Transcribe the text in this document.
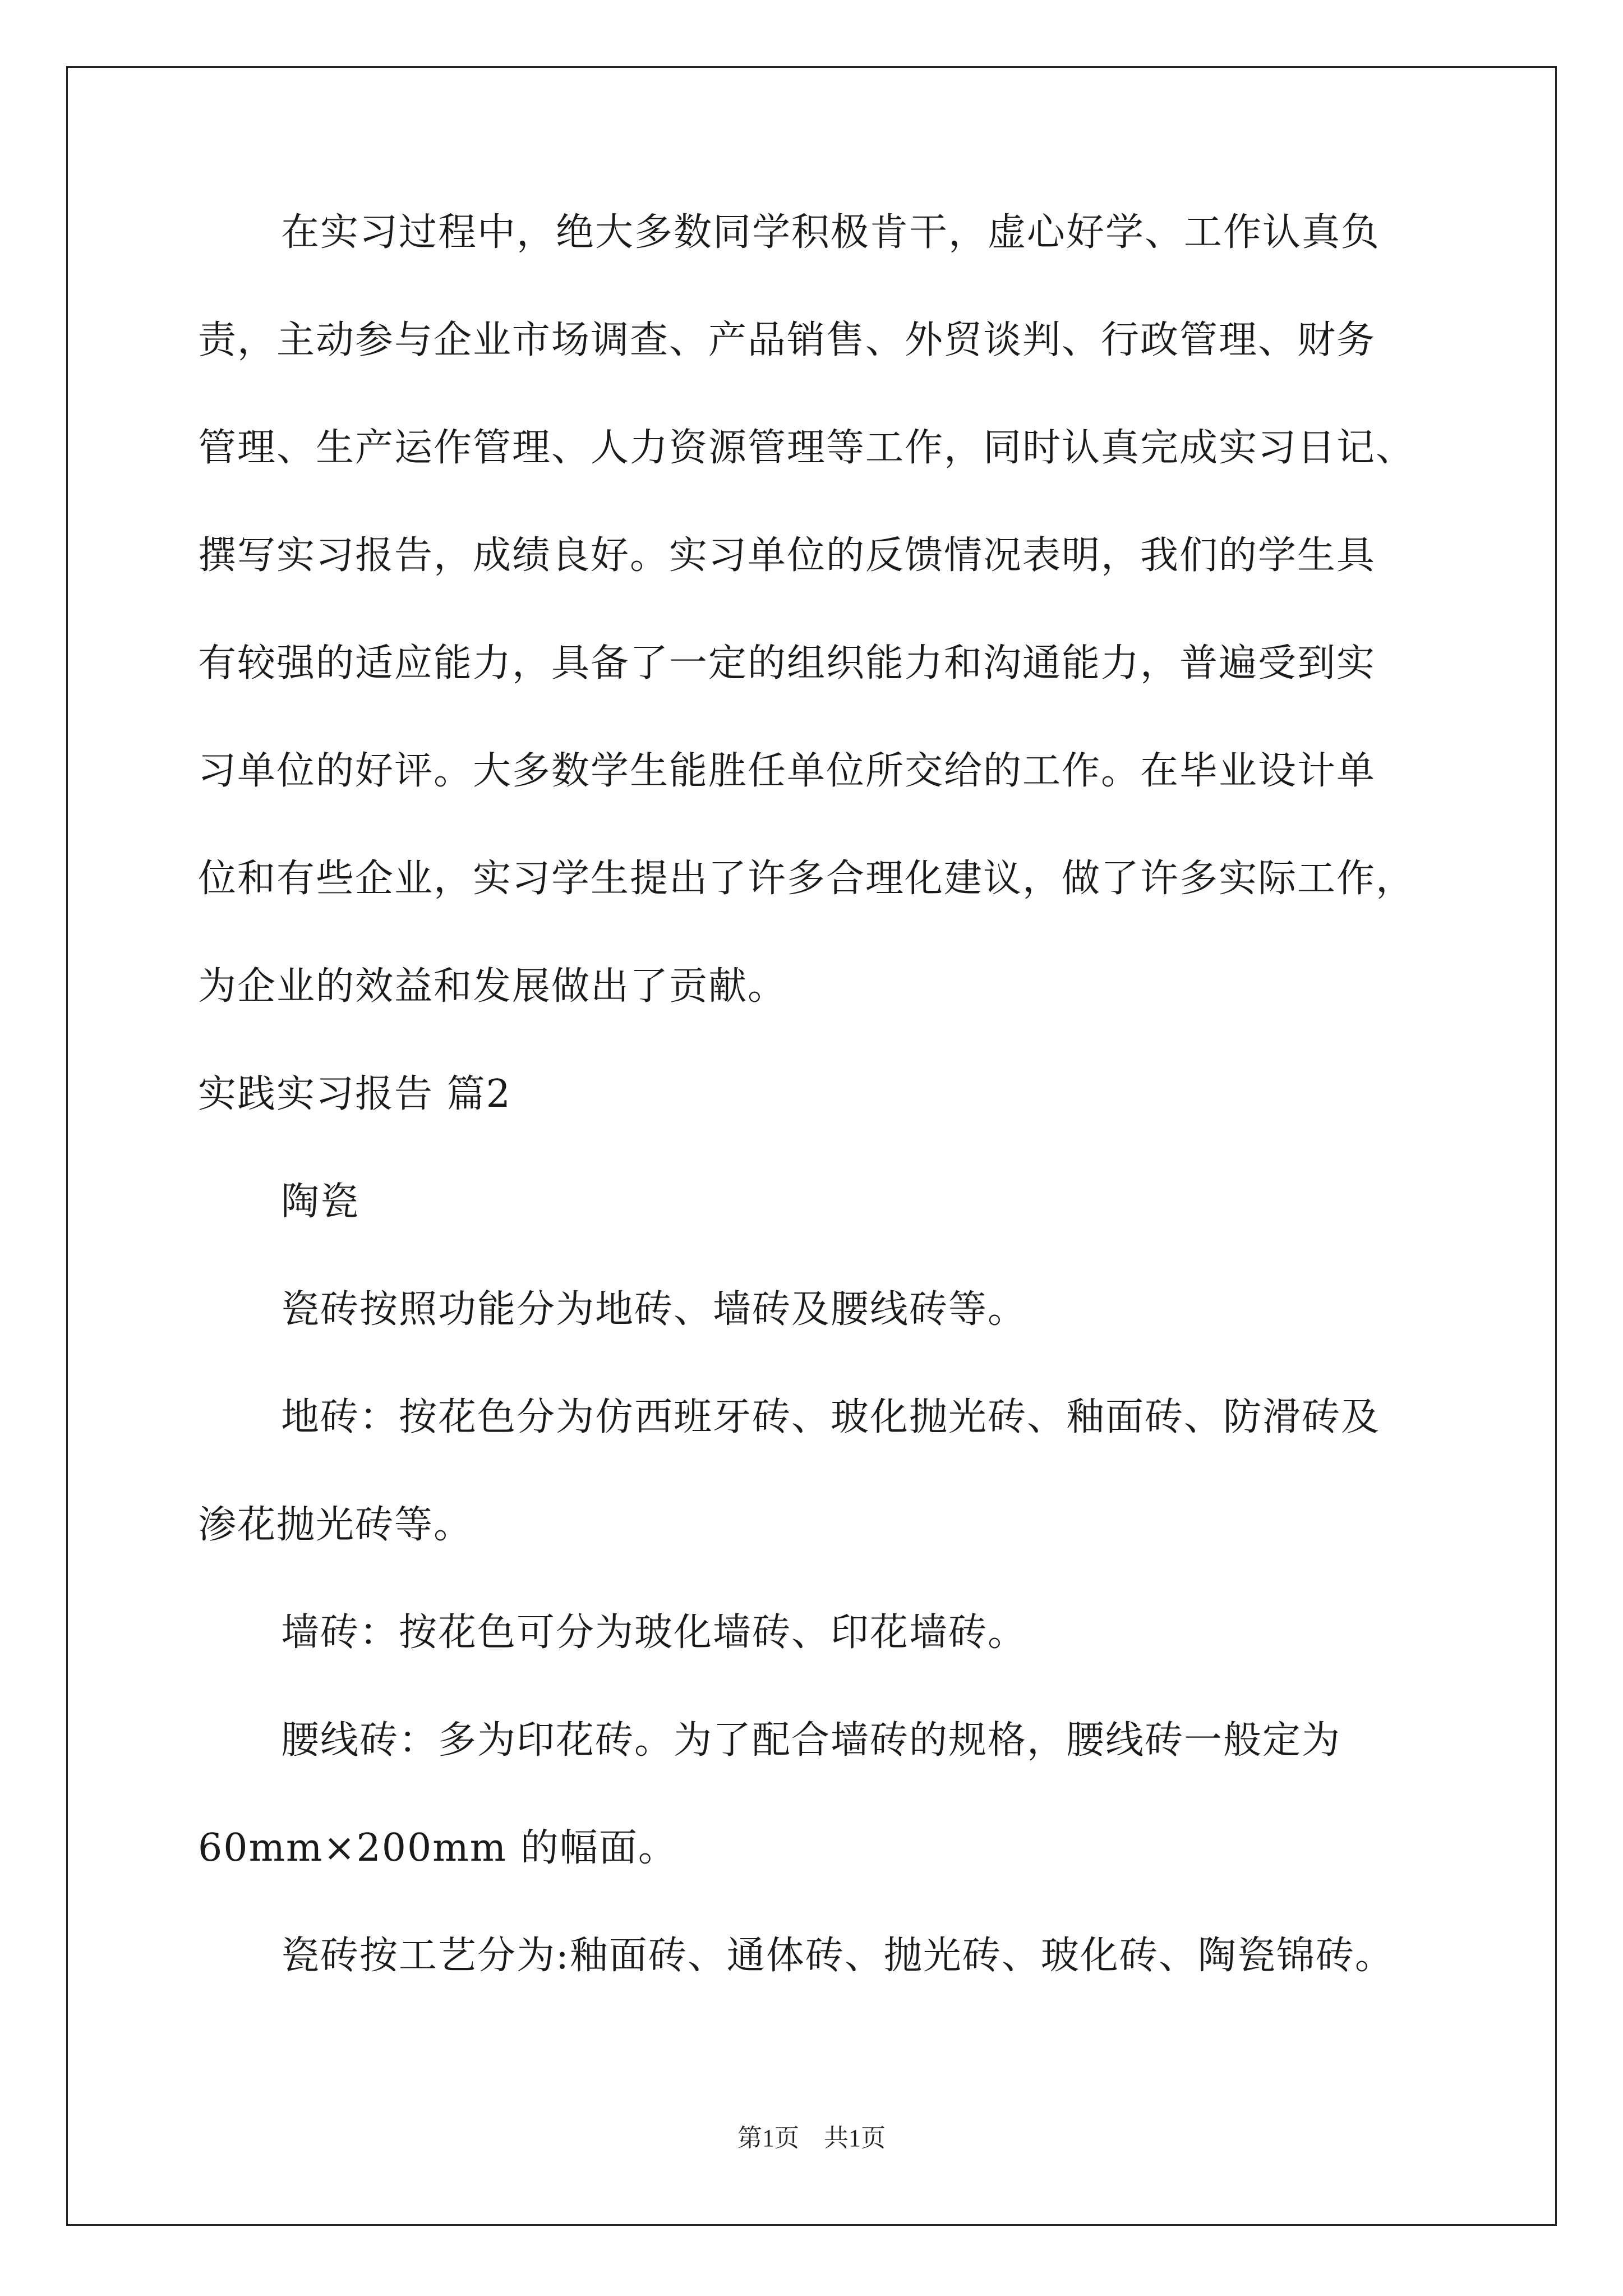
在实习过程中，绝大多数同学积极肯干，虚心好学、工作认真负
责，主动参与企业市场调查、产品销售、外贸谈判、行政管理、财务
管理、生产运作管理、人力资源管理等工作，同时认真完成实习日记、
撰写实习报告，成绩良好。实习单位的反馈情况表明，我们的学生具
有较强的适应能力，具备了一定的组织能力和沟通能力，普遍受到实
习单位的好评。大多数学生能胜任单位所交给的工作。在毕业设计单
位和有些企业，实习学生提出了许多合理化建议，做了许多实际工作，
为企业的效益和发展做出了贡献。
实践实习报告 篇2
陶瓷
瓷砖按照功能分为地砖、墙砖及腰线砖等。
地砖：按花色分为仿西班牙砖、玻化抛光砖、釉面砖、防滑砖及
渗花抛光砖等。
墙砖：按花色可分为玻化墙砖、印花墙砖。
腰线砖：多为印花砖。为了配合墙砖的规格，腰线砖一般定为
60mm×200mm 的幅面。
瓷砖按工艺分为:釉面砖、通体砖、抛光砖、玻化砖、陶瓷锦砖。
第1页　共1页
